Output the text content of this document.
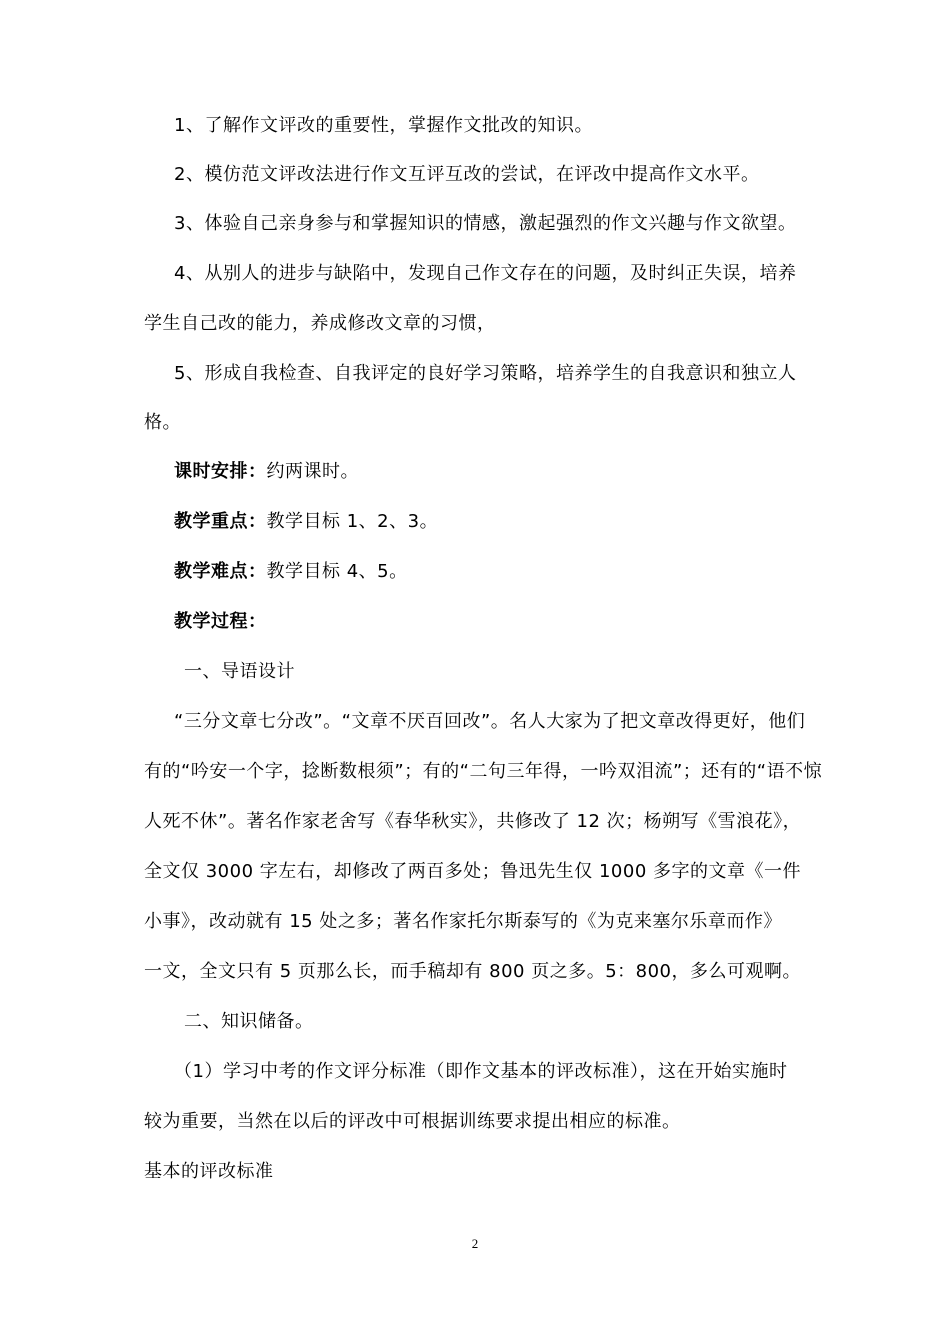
1、了解作文评改的重要性，掌握作文批改的知识。
2、模仿范文评改法进行作文互评互改的尝试，在评改中提高作文水平。
3、体验自己亲身参与和掌握知识的情感，激起强烈的作文兴趣与作文欲望。
4、从别人的进步与缺陷中，发现自己作文存在的问题，及时纠正失误，培养
学生自己改的能力，养成修改文章的习惯，
5、形成自我检查、自我评定的良好学习策略，培养学生的自我意识和独立人
格。
课时安排：约两课时。
教学重点：教学目标 1、2、3。
教学难点：教学目标 4、5。
教学过程：
一、导语设计
“三分文章七分改”。“文章不厌百回改”。名人大家为了把文章改得更好，他们
有的“吟安一个字，捻断数根须”；有的“二句三年得，一吟双泪流”；还有的“语不惊
人死不休”。著名作家老舍写《春华秋实》，共修改了 12 次；杨朔写《雪浪花》，
全文仅 3000 字左右，却修改了两百多处；鲁迅先生仅 1000 多字的文章《一件
小事》，改动就有 15 处之多；著名作家托尔斯泰写的《为克来塞尔乐章而作》
一文，全文只有 5 页那么长，而手稿却有 800 页之多。5：800，多么可观啊。
二、知识储备。
（1）学习中考的作文评分标准（即作文基本的评改标准），这在开始实施时
较为重要，当然在以后的评改中可根据训练要求提出相应的标准。
基本的评改标准
2
